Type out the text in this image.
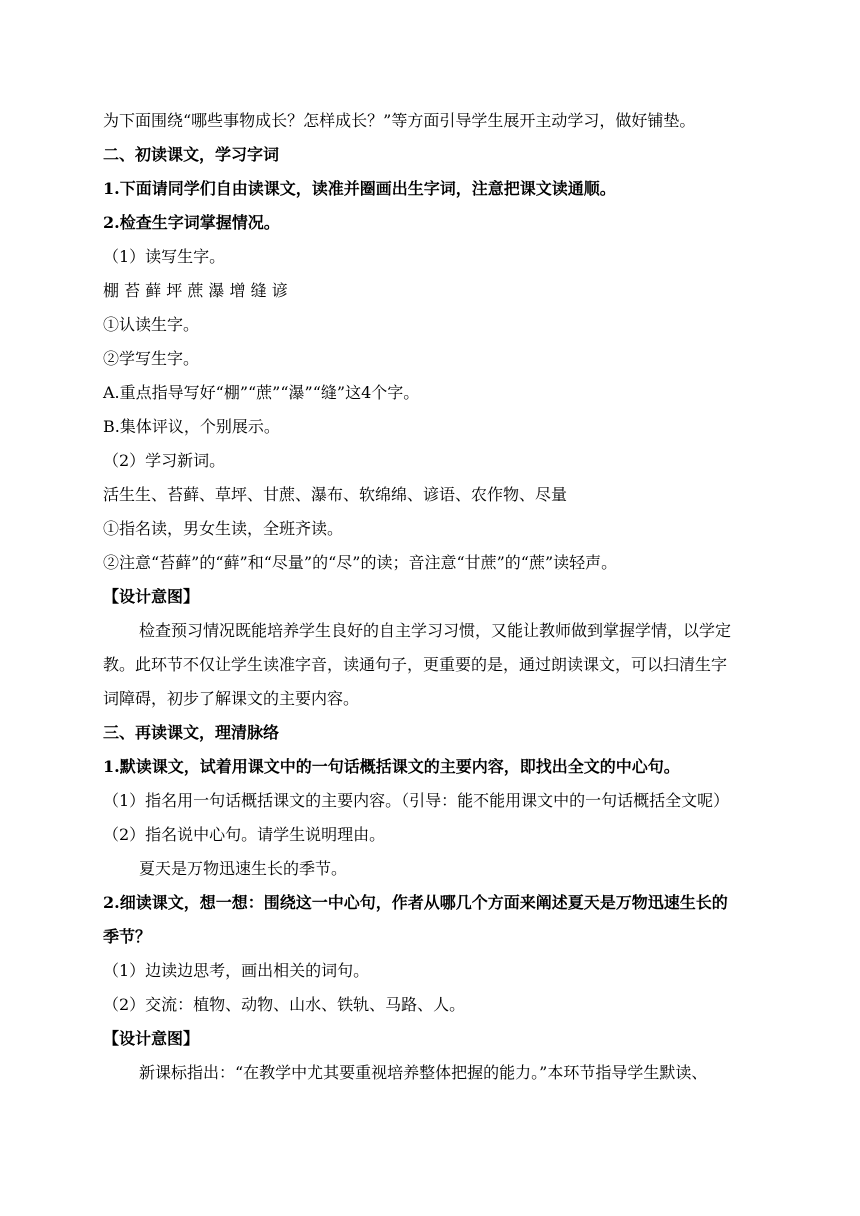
为下面围绕“哪些事物成长？怎样成长？”等方面引导学生展开主动学习，做好铺垫。
二、初读课文，学习字词
1.下面请同学们自由读课文，读准并圈画出生字词，注意把课文读通顺。
2.检查生字词掌握情况。
（1）读写生字。
棚 苔 藓 坪 蔗 瀑 增 缝 谚
①认读生字。
②学写生字。
A.重点指导写好“棚”“蔗”“瀑”“缝”这4个字。
B.集体评议，个别展示。
（2）学习新词。
活生生、苔藓、草坪、甘蔗、瀑布、软绵绵、谚语、农作物、尽量
①指名读，男女生读，全班齐读。
②注意“苔藓”的“藓”和“尽量”的“尽”的读；音⁤注意“甘蔗”的“蔗”读轻声。
【设计意图】
检查预习情况既能培养学生良好的自主学习习惯，又能让教师做到掌握学情，以学定
教。此环节不仅让学生读准字音，读通句子，更重要的是，通过朗读课文，可以扫清生字
词障碍，初步了解课文的主要内容。
三、再读课文，理清脉络
1.默读课文，试着用课文中的一句话概括课文的主要内容，即找出全文的中心句。
（1）指名用一句话概括课文的主要内容。（引导：能不能用课文中的一句话概括全文呢）
（2）指名说中心句。请学生说明理由。
夏天是万物迅速生长的季节。
2.细读课文，想一想：围绕这一中心句，作者从哪几个方面来阐述夏天是万物迅速生长的
季节？
（1）边读边思考，画出相关的词句。
（2）交流：植物、动物、山水、铁轨、马路、人。
【设计意图】
新课标指出：“在教学中尤其要重视培养整体把握的能力。”本环节指导学生默读、
